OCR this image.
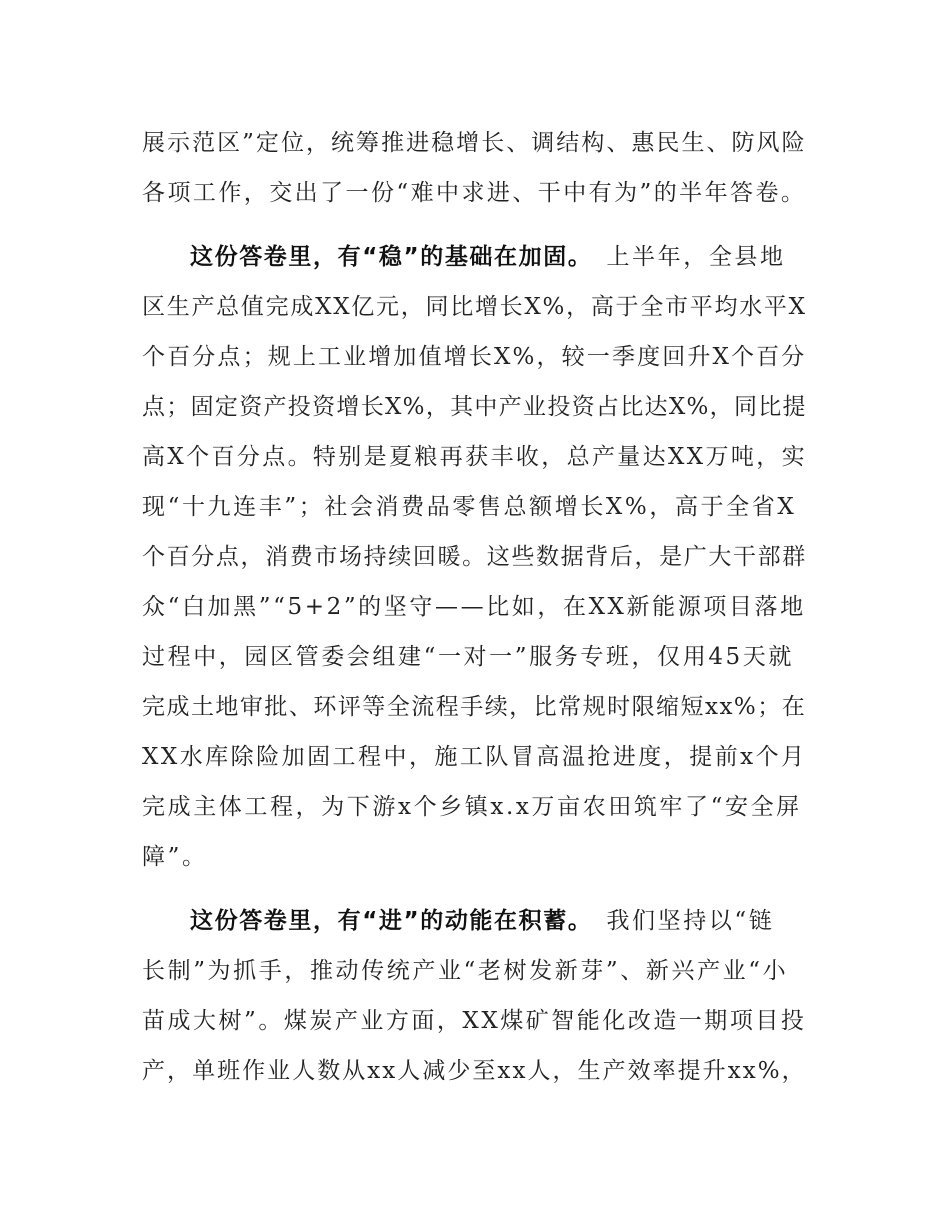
展示范区”定位，统筹推进稳增长、调结构、惠民生、防风险
各项工作，交出了一份“难中求进、干中有为”的半年答卷。
这份答卷里，有“稳”的基础在加固。 上半年，全县地
区生产总值完成XX亿元，同比增长X%，高于全市平均水平X
个百分点；规上工业增加值增长X%，较一季度回升X个百分
点；固定资产投资增长X%，其中产业投资占比达X%，同比提
高X个百分点。特别是夏粮再获丰收，总产量达XX万吨，实
现“十九连丰”；社会消费品零售总额增长X%，高于全省X
个百分点，消费市场持续回暖。这些数据背后，是广大干部群
众“白加黑”“5+2”的坚守——比如，在XX新能源项目落地
过程中，园区管委会组建“一对一”服务专班，仅用45天就
完成土地审批、环评等全流程手续，比常规时限缩短xx%；在
XX水库除险加固工程中，施工队冒高温抢进度，提前x个月
完成主体工程，为下游x个乡镇x.x万亩农田筑牢了“安全屏
障”。
这份答卷里，有“进”的动能在积蓄。 我们坚持以“链
长制”为抓手，推动传统产业“老树发新芽”、新兴产业“小
苗成大树”。煤炭产业方面，XX煤矿智能化改造一期项目投
产，单班作业人数从xx人减少至xx人，生产效率提升xx%，
